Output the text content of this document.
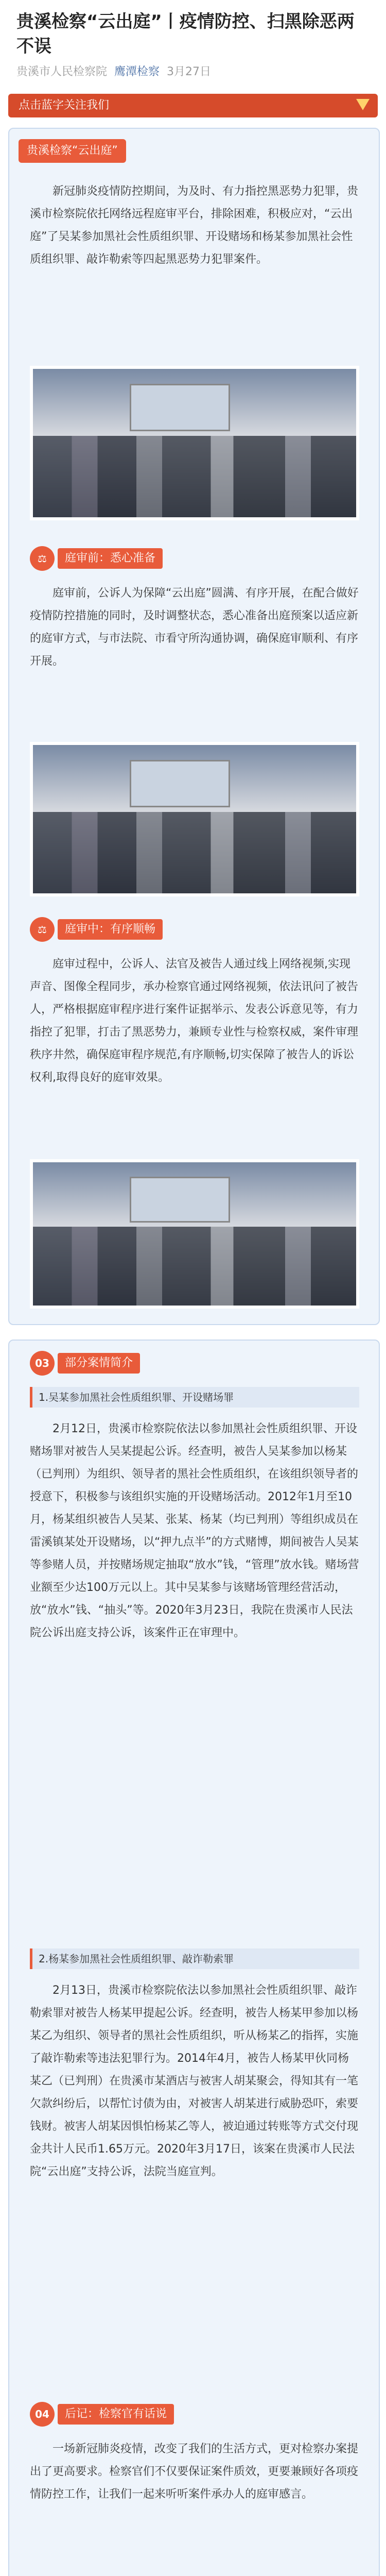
贵溪检察“云出庭”丨疫情防控、扫黑除恶两不误
贵溪市人民检察院 鹰潭检察 3月27日
点击蓝字关注我们
贵溪检察“云出庭”
新冠肺炎疫情防控期间，为及时、有力指控黑恶势力犯罪，贵溪市检察院依托网络远程庭审平台，排除困难，积极应对，“云出庭”了吴某参加黑社会性质组织罪、开设赌场和杨某参加黑社会性质组织罪、敲诈勒索等四起黑恶势力犯罪案件。
⚖	庭审前：悉心准备
庭审前，公诉人为保障“云出庭”圆满、有序开展，在配合做好疫情防控措施的同时，及时调整状态，悉心准备出庭预案以适应新的庭审方式，与市法院、市看守所沟通协调，确保庭审顺利、有序开展。
⚖	庭审中：有序顺畅
庭审过程中，公诉人、法官及被告人通过线上网络视频,实现声音、图像全程同步，承办检察官通过网络视频，依法讯问了被告人，严格根据庭审程序进行案件证据举示、发表公诉意见等，有力指控了犯罪，打击了黑恶势力，兼顾专业性与检察权威，案件审理秩序井然，确保庭审程序规范,有序顺畅,切实保障了被告人的诉讼权利,取得良好的庭审效果。
03	部分案情简介
1.吴某参加黑社会性质组织罪、开设赌场罪
2月12日，贵溪市检察院依法以参加黑社会性质组织罪、开设赌场罪对被告人吴某提起公诉。经查明，被告人吴某参加以杨某（已判刑）为组织、领导者的黑社会性质组织，在该组织领导者的授意下，积极参与该组织实施的开设赌场活动。2012年1月至10月，杨某组织被告人吴某、张某、杨某（均已判刑）等组织成员在雷溪镇某处开设赌场，以“押九点半”的方式赌博，期间被告人吴某等参赌人员，并按赌场规定抽取“放水”钱，“管理”放水钱。赌场营业额至少达100万元以上。其中吴某参与该赌场管理经营活动，放“放水”钱、“抽头”等。2020年3月23日，我院在贵溪市人民法院公诉出庭支持公诉，该案件正在审理中。
2.杨某参加黑社会性质组织罪、敲诈勒索罪
2月13日，贵溪市检察院依法以参加黑社会性质组织罪、敲诈勒索罪对被告人杨某甲提起公诉。经查明，被告人杨某甲参加以杨某乙为组织、领导者的黑社会性质组织，听从杨某乙的指挥，实施了敲诈勒索等违法犯罪行为。2014年4月，被告人杨某甲伙同杨某乙（已判刑）在贵溪市某酒店与被害人胡某聚会，得知其有一笔欠款纠纷后，以帮忙讨债为由，对被害人胡某进行威胁恐吓，索要钱财。被害人胡某因惧怕杨某乙等人，被迫通过转账等方式交付现金共计人民币1.65万元。2020年3月17日，该案在贵溪市人民法院“云出庭”支持公诉，法院当庭宣判。
04	后记：检察官有话说
一场新冠肺炎疫情，改变了我们的生活方式，更对检察办案提出了更高要求。检察官们不仅要保证案件质效，更要兼顾好各项疫情防控工作，让我们一起来听听案件承办人的庭审感言。
